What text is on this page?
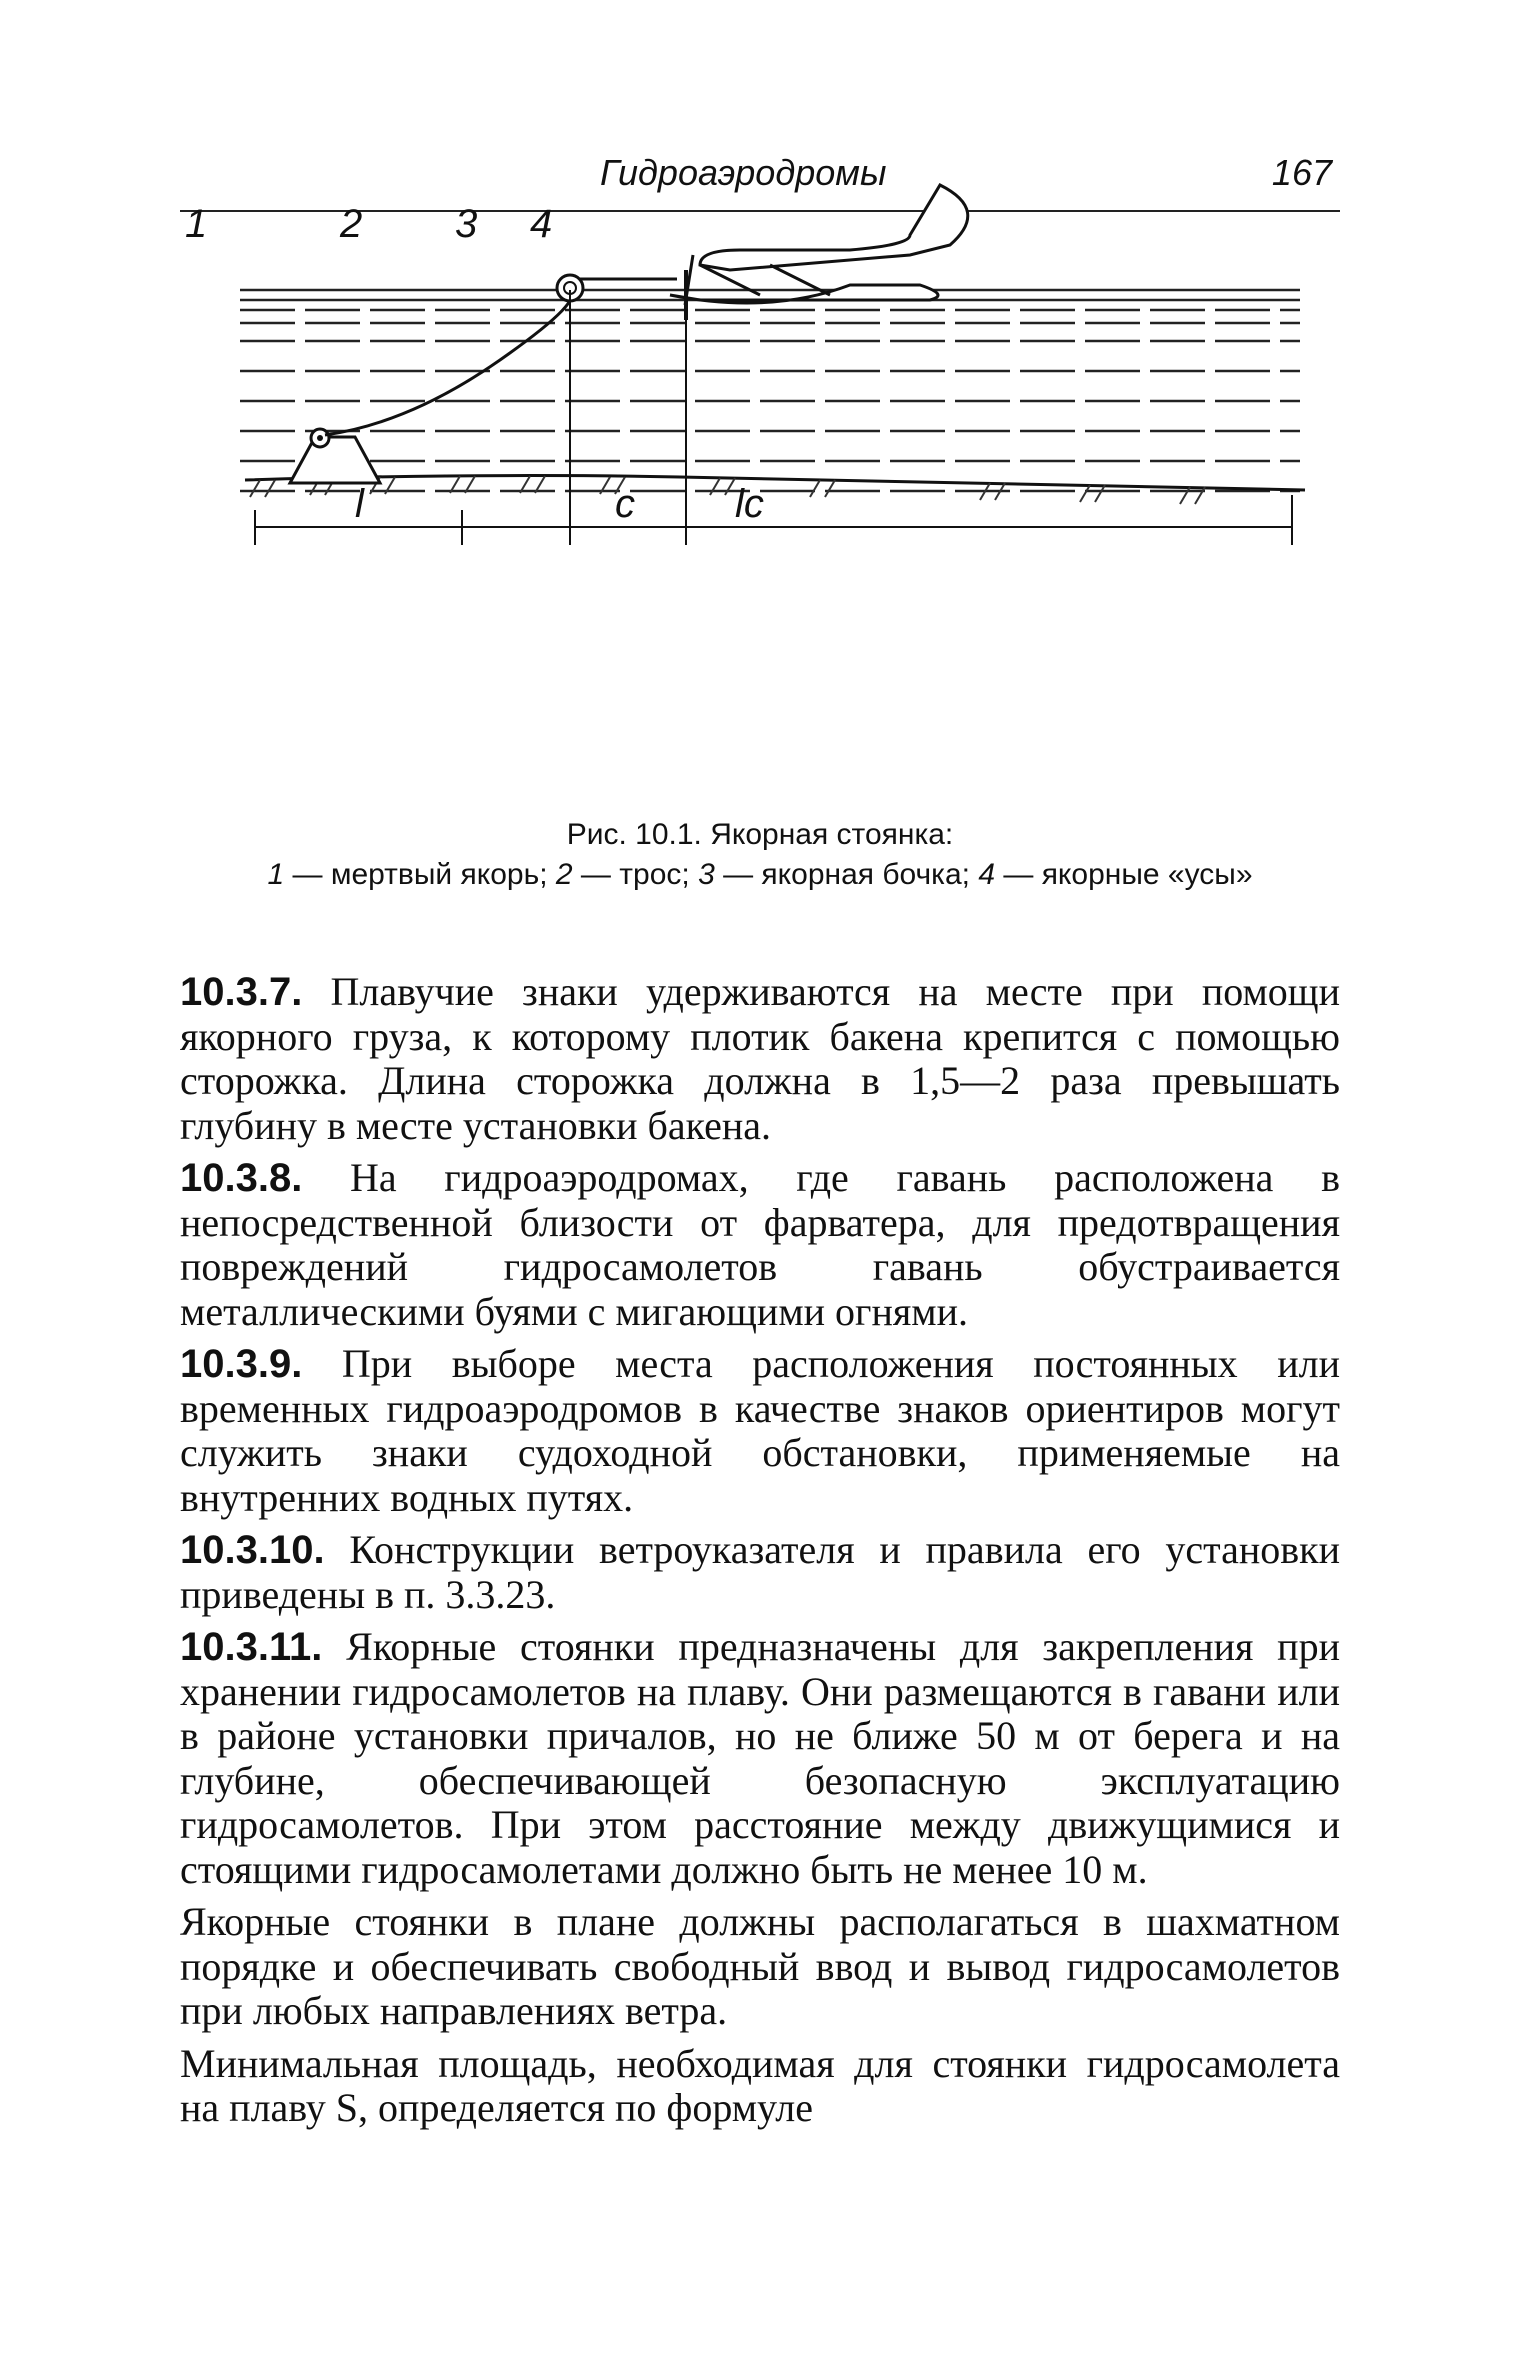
Гидроаэродромы	167
l	c	lc
1	2 3 4
Рис. 10.1. Якорная стоянка:
1 — мертвый якорь; 2 — трос; 3 — якорная бочка; 4 — якорные «усы»

10.3.7. Плавучие знаки удерживаются на месте при помощи якорного груза, к которому плотик бакена крепится с помощью сторожка. Длина сторожка должна в 1,5—2 раза превышать глубину в месте установки бакена.

10.3.8. На гидроаэродромах, где гавань расположена в непосредственной близости от фарватера, для предотвращения повреждений гидросамолетов гавань обустраивается металлическими буями с мигающими огнями.

10.3.9. При выборе места расположения постоянных или временных гидроаэродромов в качестве знаков ориентиров могут служить знаки судоходной обстановки, применяемые на внутренних водных путях.

10.3.10. Конструкции ветроуказателя и правила его установки приведены в п. 3.3.23.

10.3.11. Якорные стоянки предназначены для закрепления при хранении гидросамолетов на плаву. Они размещаются в гавани или в районе установки причалов, но не ближе 50 м от берега и на глубине, обеспечивающей безопасную эксплуатацию гидросамолетов. При этом расстояние между движущимися и стоящими гидросамолетами должно быть не менее 10 м.

Якорные стоянки в плане должны располагаться в шахматном порядке и обеспечивать свободный ввод и вывод гидросамолетов при любых направлениях ветра.

Минимальная площадь, необходимая для стоянки гидросамолета на плаву S, определяется по формуле
